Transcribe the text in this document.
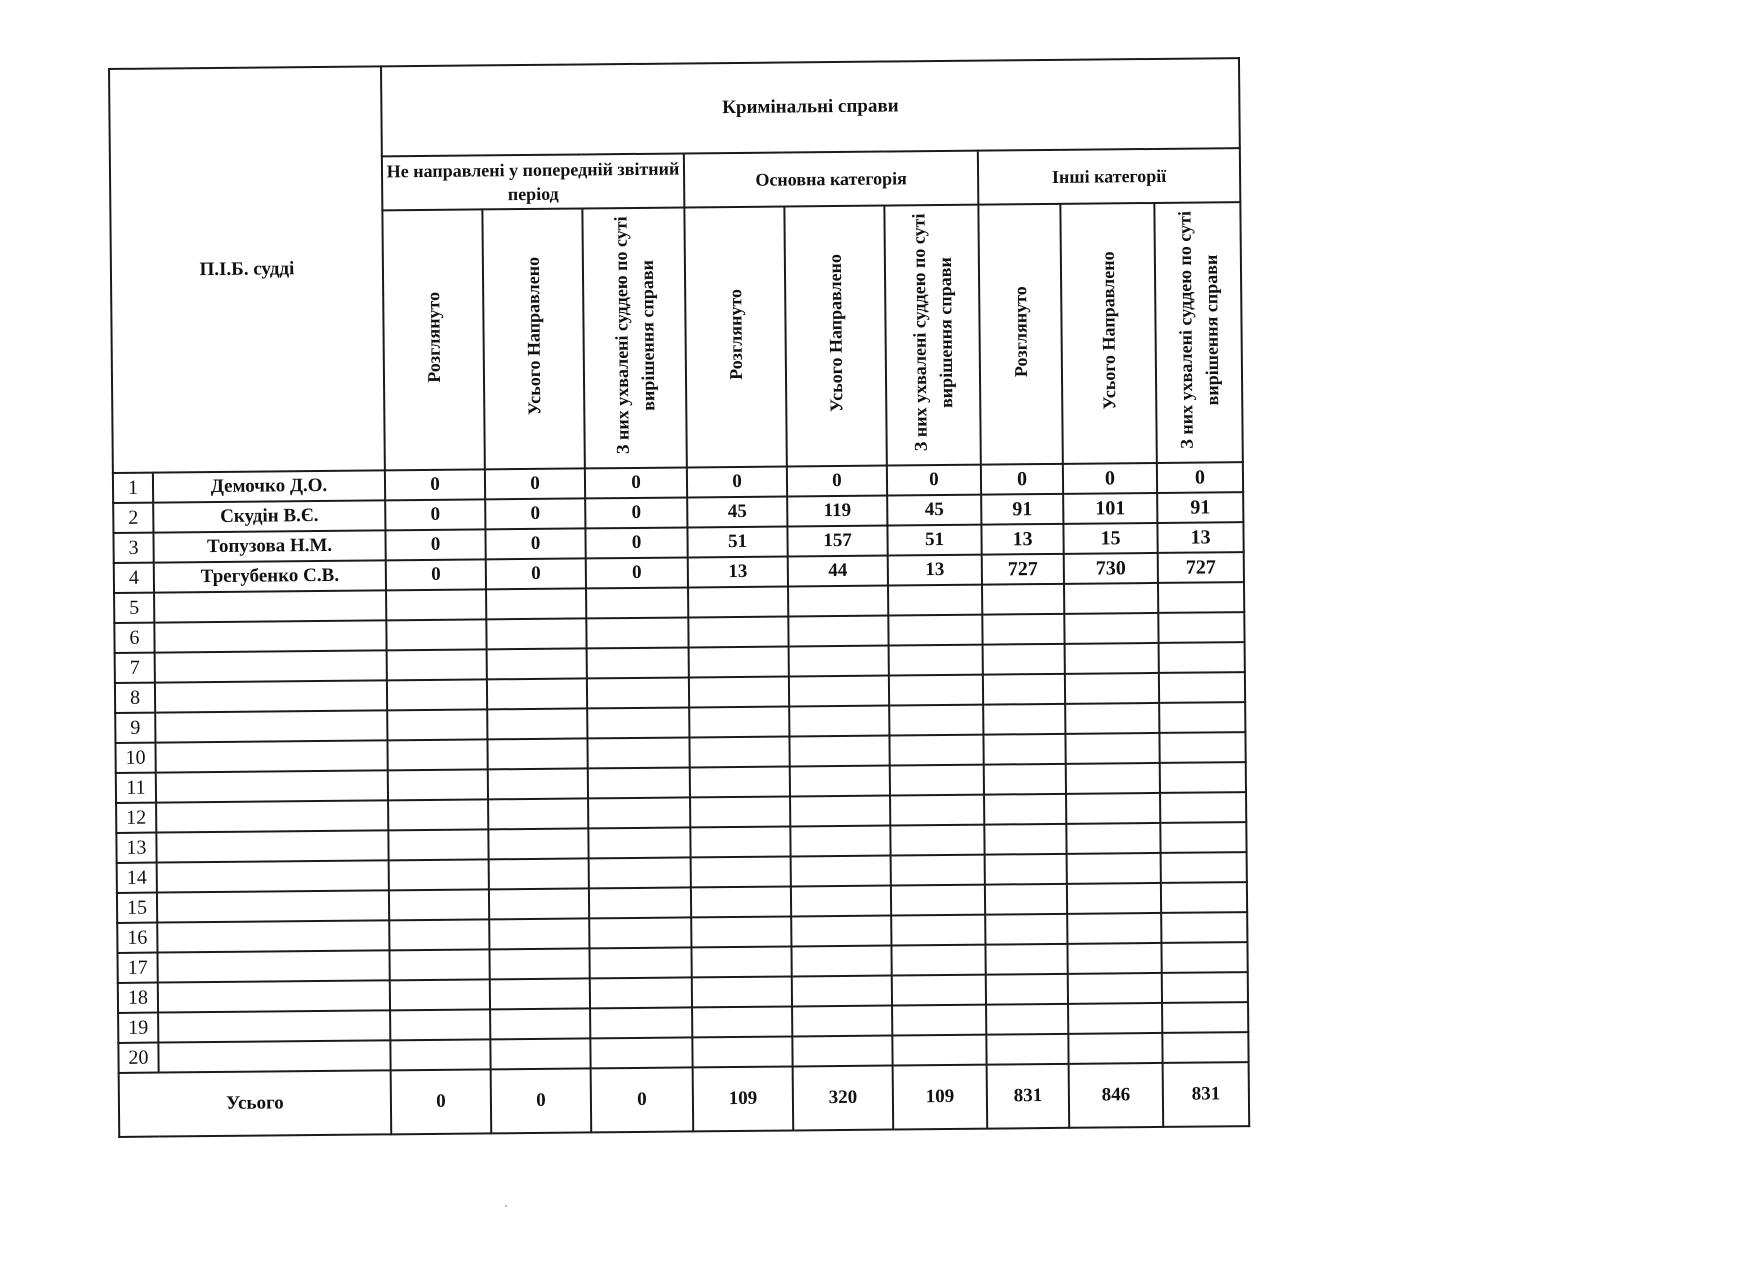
П.І.Б. судді		Кримінальні справи								
		Не направлені у попередній звітний період			Основна категорія			Інші категорії		
		Розглянуто	Усього Направлено	З них ухвалені суддею по суті вирішення справи	Розглянуто	Усього Направлено	З них ухвалені суддею по суті вирішення справи	Розглянуто	Усього Направлено	З них ухвалені суддею по суті вирішення справи
1	Демочко Д.О.	0	0	0	0	0	0	0	0	0
2	Скудін В.Є.	0	0	0	45	119	45	91	101	91
3	Топузова Н.М.	0	0	0	51	157	51	13	15	13
4	Трегубенко С.В.	0	0	0	13	44	13	727	730	727
5										
6										
7										
8										
9										
10										
11										
12										
13										
14										
15										
16										
17										
18										
19										
20										
Усього		0	0	0	109	320	109	831	846	831
